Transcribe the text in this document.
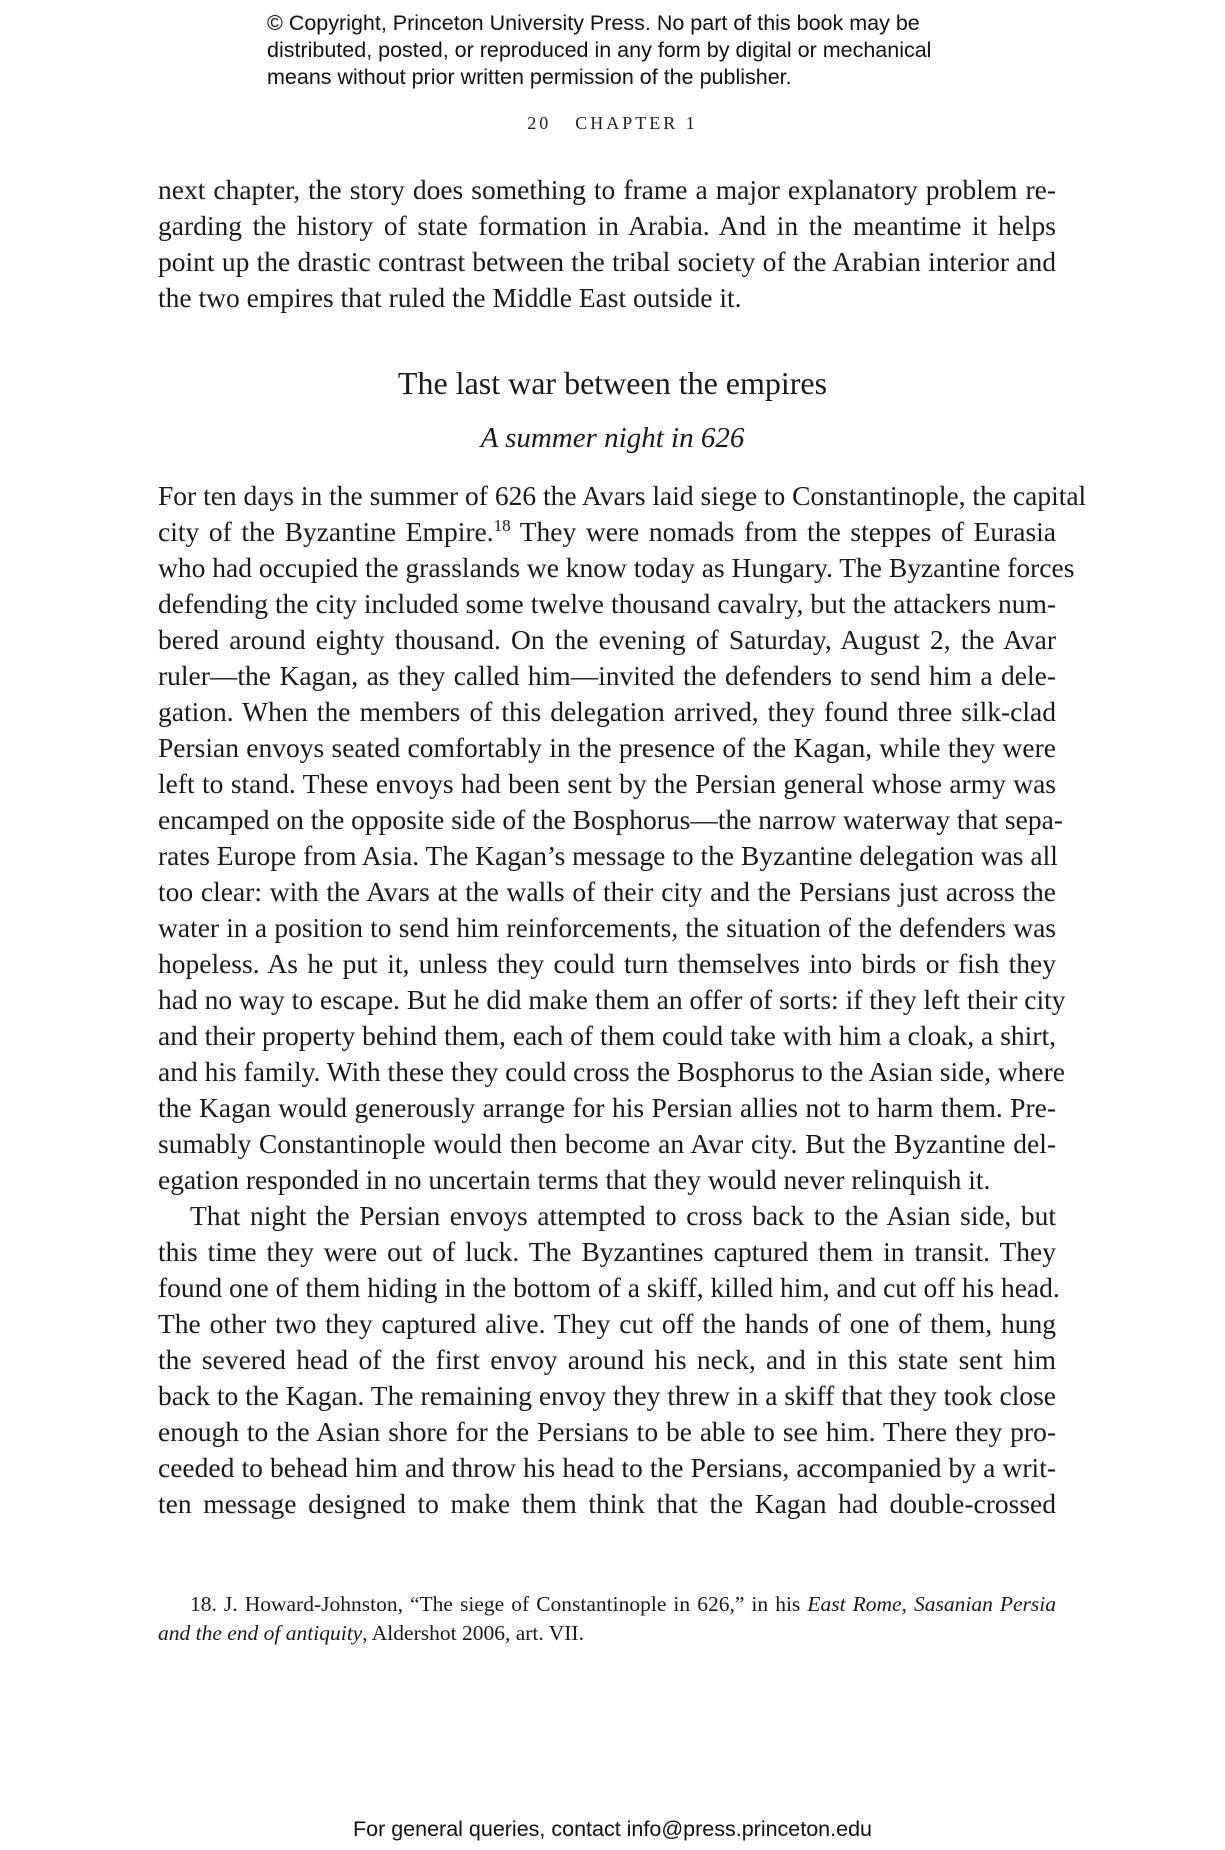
© Copyright, Princeton University Press. No part of this book may be
distributed, posted, or reproduced in any form by digital or mechanical
means without prior written permission of the publisher.
20 CHAPTER 1
next chapter, the story does something to frame a major explanatory problem re-
garding the history of state formation in Arabia. And in the meantime it helps
point up the drastic contrast between the tribal society of the Arabian interior and
the two empires that ruled the Middle East outside it.
The last war between the empires
A summer night in 626
For ten days in the summer of 626 the Avars laid siege to Constantinople, the capital
city of the Byzantine Empire.$^{18}$ They were nomads from the steppes of Eurasia
who had occupied the grasslands we know today as Hungary. The Byzantine forces
defending the city included some twelve thousand cavalry, but the attackers num-
bered around eighty thousand. On the evening of Saturday, August 2, the Avar
ruler—the Kagan, as they called him—invited the defenders to send him a dele-
gation. When the members of this delegation arrived, they found three silk-clad
Persian envoys seated comfortably in the presence of the Kagan, while they were
left to stand. These envoys had been sent by the Persian general whose army was
encamped on the opposite side of the Bosphorus—the narrow waterway that sepa-
rates Europe from Asia. The Kagan’s message to the Byzantine delegation was all
too clear: with the Avars at the walls of their city and the Persians just across the
water in a position to send him reinforcements, the situation of the defenders was
hopeless. As he put it, unless they could turn themselves into birds or fish they
had no way to escape. But he did make them an offer of sorts: if they left their city
and their property behind them, each of them could take with him a cloak, a shirt,
and his family. With these they could cross the Bosphorus to the Asian side, where
the Kagan would generously arrange for his Persian allies not to harm them. Pre-
sumably Constantinople would then become an Avar city. But the Byzantine del-
egation responded in no uncertain terms that they would never relinquish it.
That night the Persian envoys attempted to cross back to the Asian side, but
this time they were out of luck. The Byzantines captured them in transit. They
found one of them hiding in the bottom of a skiff, killed him, and cut off his head.
The other two they captured alive. They cut off the hands of one of them, hung
the severed head of the first envoy around his neck, and in this state sent him
back to the Kagan. The remaining envoy they threw in a skiff that they took close
enough to the Asian shore for the Persians to be able to see him. There they pro-
ceeded to behead him and throw his head to the Persians, accompanied by a writ-
ten message designed to make them think that the Kagan had double-crossed
18. J. Howard-Johnston, “The siege of Constantinople in 626,” in his East Rome, Sasanian Persia
and the end of antiquity, Aldershot 2006, art. VII.
For general queries, contact info@press.princeton.edu
